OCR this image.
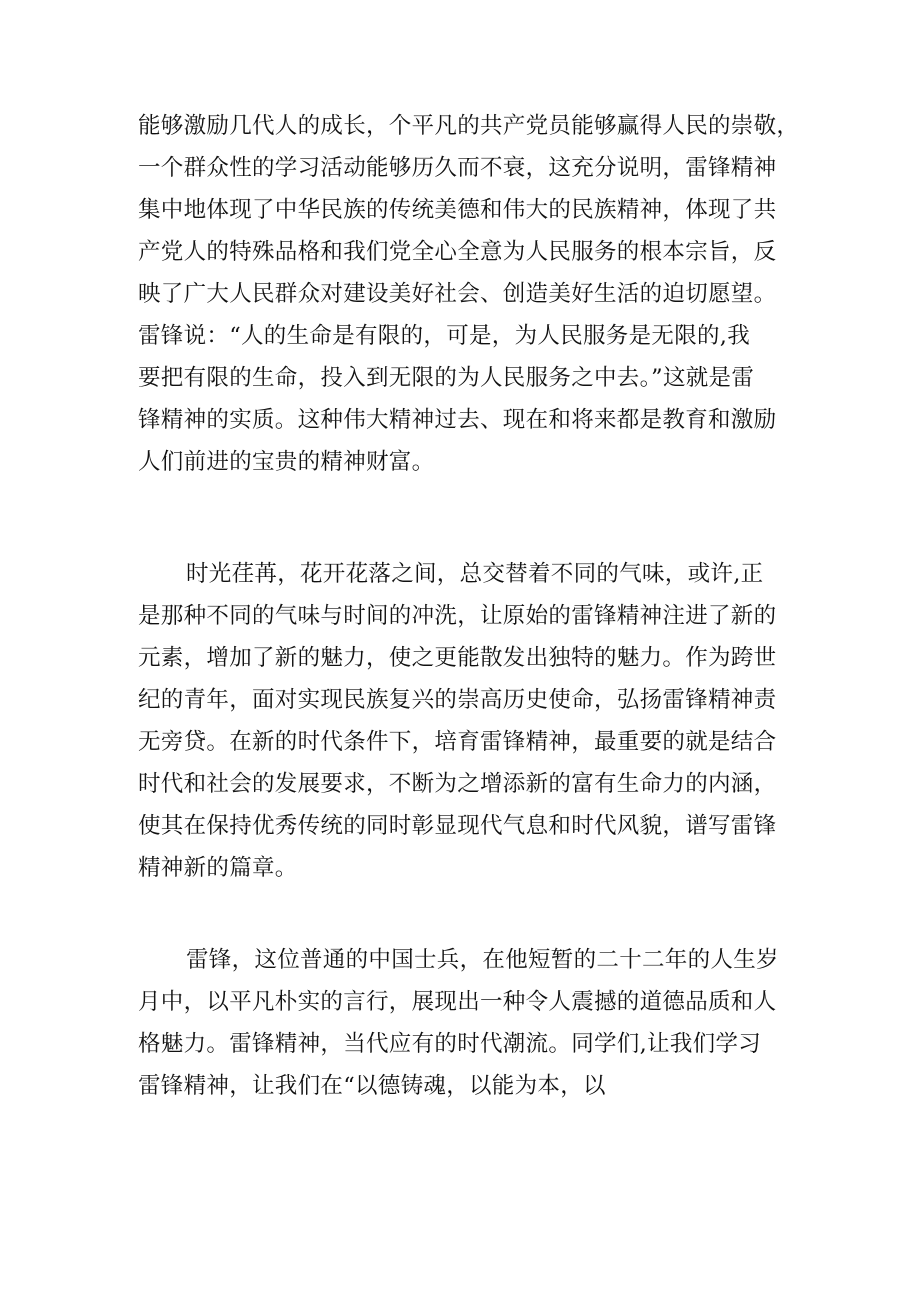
能够激励几代人的成长，个平凡的共产党员能够赢得人民的崇敬，
一个群众性的学习活动能够历久而不衰，这充分说明，雷锋精神
集中地体现了中华民族的传统美德和伟大的民族精神，体现了共
产党人的特殊品格和我们党全心全意为人民服务的根本宗旨，反
映了广大人民群众对建设美好社会、创造美好生活的迫切愿望。
雷锋说：“人的生命是有限的，可是，为人民服务是无限的,我
要把有限的生命，投入到无限的为人民服务之中去。”这就是雷
锋精神的实质。这种伟大精神过去、现在和将来都是教育和激励
人们前进的宝贵的精神财富。
时光荏苒，花开花落之间，总交替着不同的气味，或许,正
是那种不同的气味与时间的冲洗，让原始的雷锋精神注进了新的
元素，增加了新的魅力，使之更能散发出独特的魅力。作为跨世
纪的青年，面对实现民族复兴的崇高历史使命，弘扬雷锋精神责
无旁贷。在新的时代条件下，培育雷锋精神，最重要的就是结合
时代和社会的发展要求，不断为之增添新的富有生命力的内涵，
使其在保持优秀传统的同时彰显现代气息和时代风貌，谱写雷锋
精神新的篇章。
雷锋，这位普通的中国士兵，在他短暂的二十二年的人生岁
月中，以平凡朴实的言行，展现出一种令人震撼的道德品质和人
格魅力。雷锋精神，当代应有的时代潮流。同学们,让我们学习
雷锋精神，让我们在“以德铸魂，以能为本，以
